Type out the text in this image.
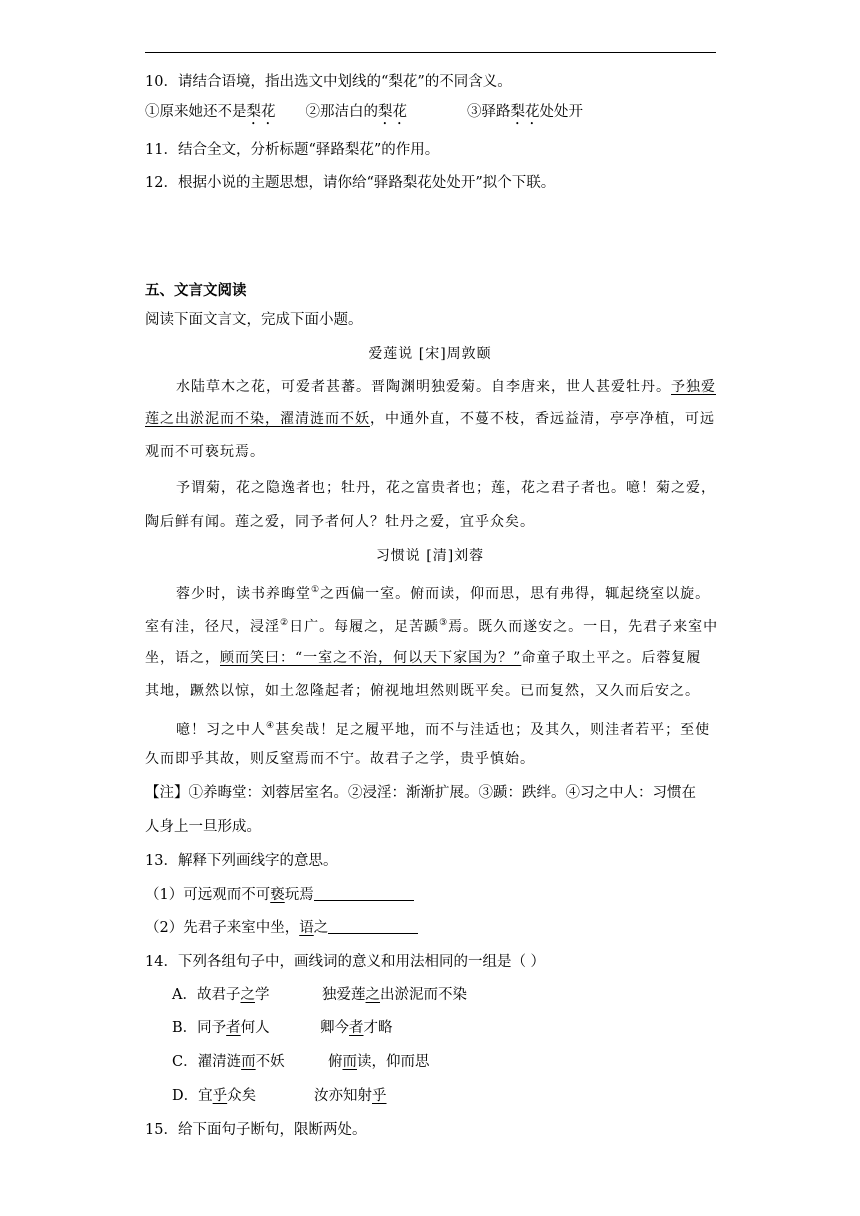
10．请结合语境，指出选文中划线的“梨花”的不同含义。
①原来她还不是梨花 ②那洁白的梨花	③驿路梨花处处开
11．结合全文，分析标题“驿路梨花”的作用。
12．根据小说的主题思想，请你给“驿路梨花处处开”拟个下联。
五、文言文阅读
阅读下面文言文，完成下面小题。
爱莲说 [宋]周敦颐
水陆草木之花，可爱者甚蕃。晋陶渊明独爱菊。自李唐来，世人甚爱牡丹。予独爱
莲之出淤泥而不染，濯清涟而不妖，中通外直，不蔓不枝，香远益清，亭亭净植，可远
观而不可亵玩焉。
予谓菊，花之隐逸者也；牡丹，花之富贵者也；莲，花之君子者也。噫！菊之爱，
陶后鲜有闻。莲之爱，同予者何人？牡丹之爱，宜乎众矣。
习惯说 [清]刘蓉
蓉少时，读书养晦堂①之西偏一室。俯而读，仰而思，思有弗得，辄起绕室以旋。
室有洼，径尺，浸淫②日广。每履之，足苦踬③焉。既久而遂安之。一日，先君子来室中
坐，语之，顾而笑曰：“一室之不治，何以天下家国为？”命童子取土平之。后蓉复履
其地，蹶然以惊，如土忽隆起者；俯视地坦然则既平矣。已而复然，又久而后安之。
噫！习之中人④甚矣哉！足之履平地，而不与洼适也；及其久，则洼者若平；至使
久而即乎其故，则反窒焉而不宁。故君子之学，贵乎慎始。
【注】①养晦堂：刘蓉居室名。②浸淫：渐渐扩展。③踬：跌绊。④习之中人：习惯在
人身上一旦形成。
13．解释下列画线字的意思。
（1）可远观而不可亵玩焉
（2）先君子来室中坐，语之
14．下列各组句子中，画线词的意义和用法相同的一组是（ ）
A．故君子之学	独爱莲之出淤泥而不染
B．同予者何人	卿今者才略
C．濯清涟而不妖	俯而读，仰而思
D．宜乎众矣	汝亦知射乎
15．给下面句子断句，限断两处。
